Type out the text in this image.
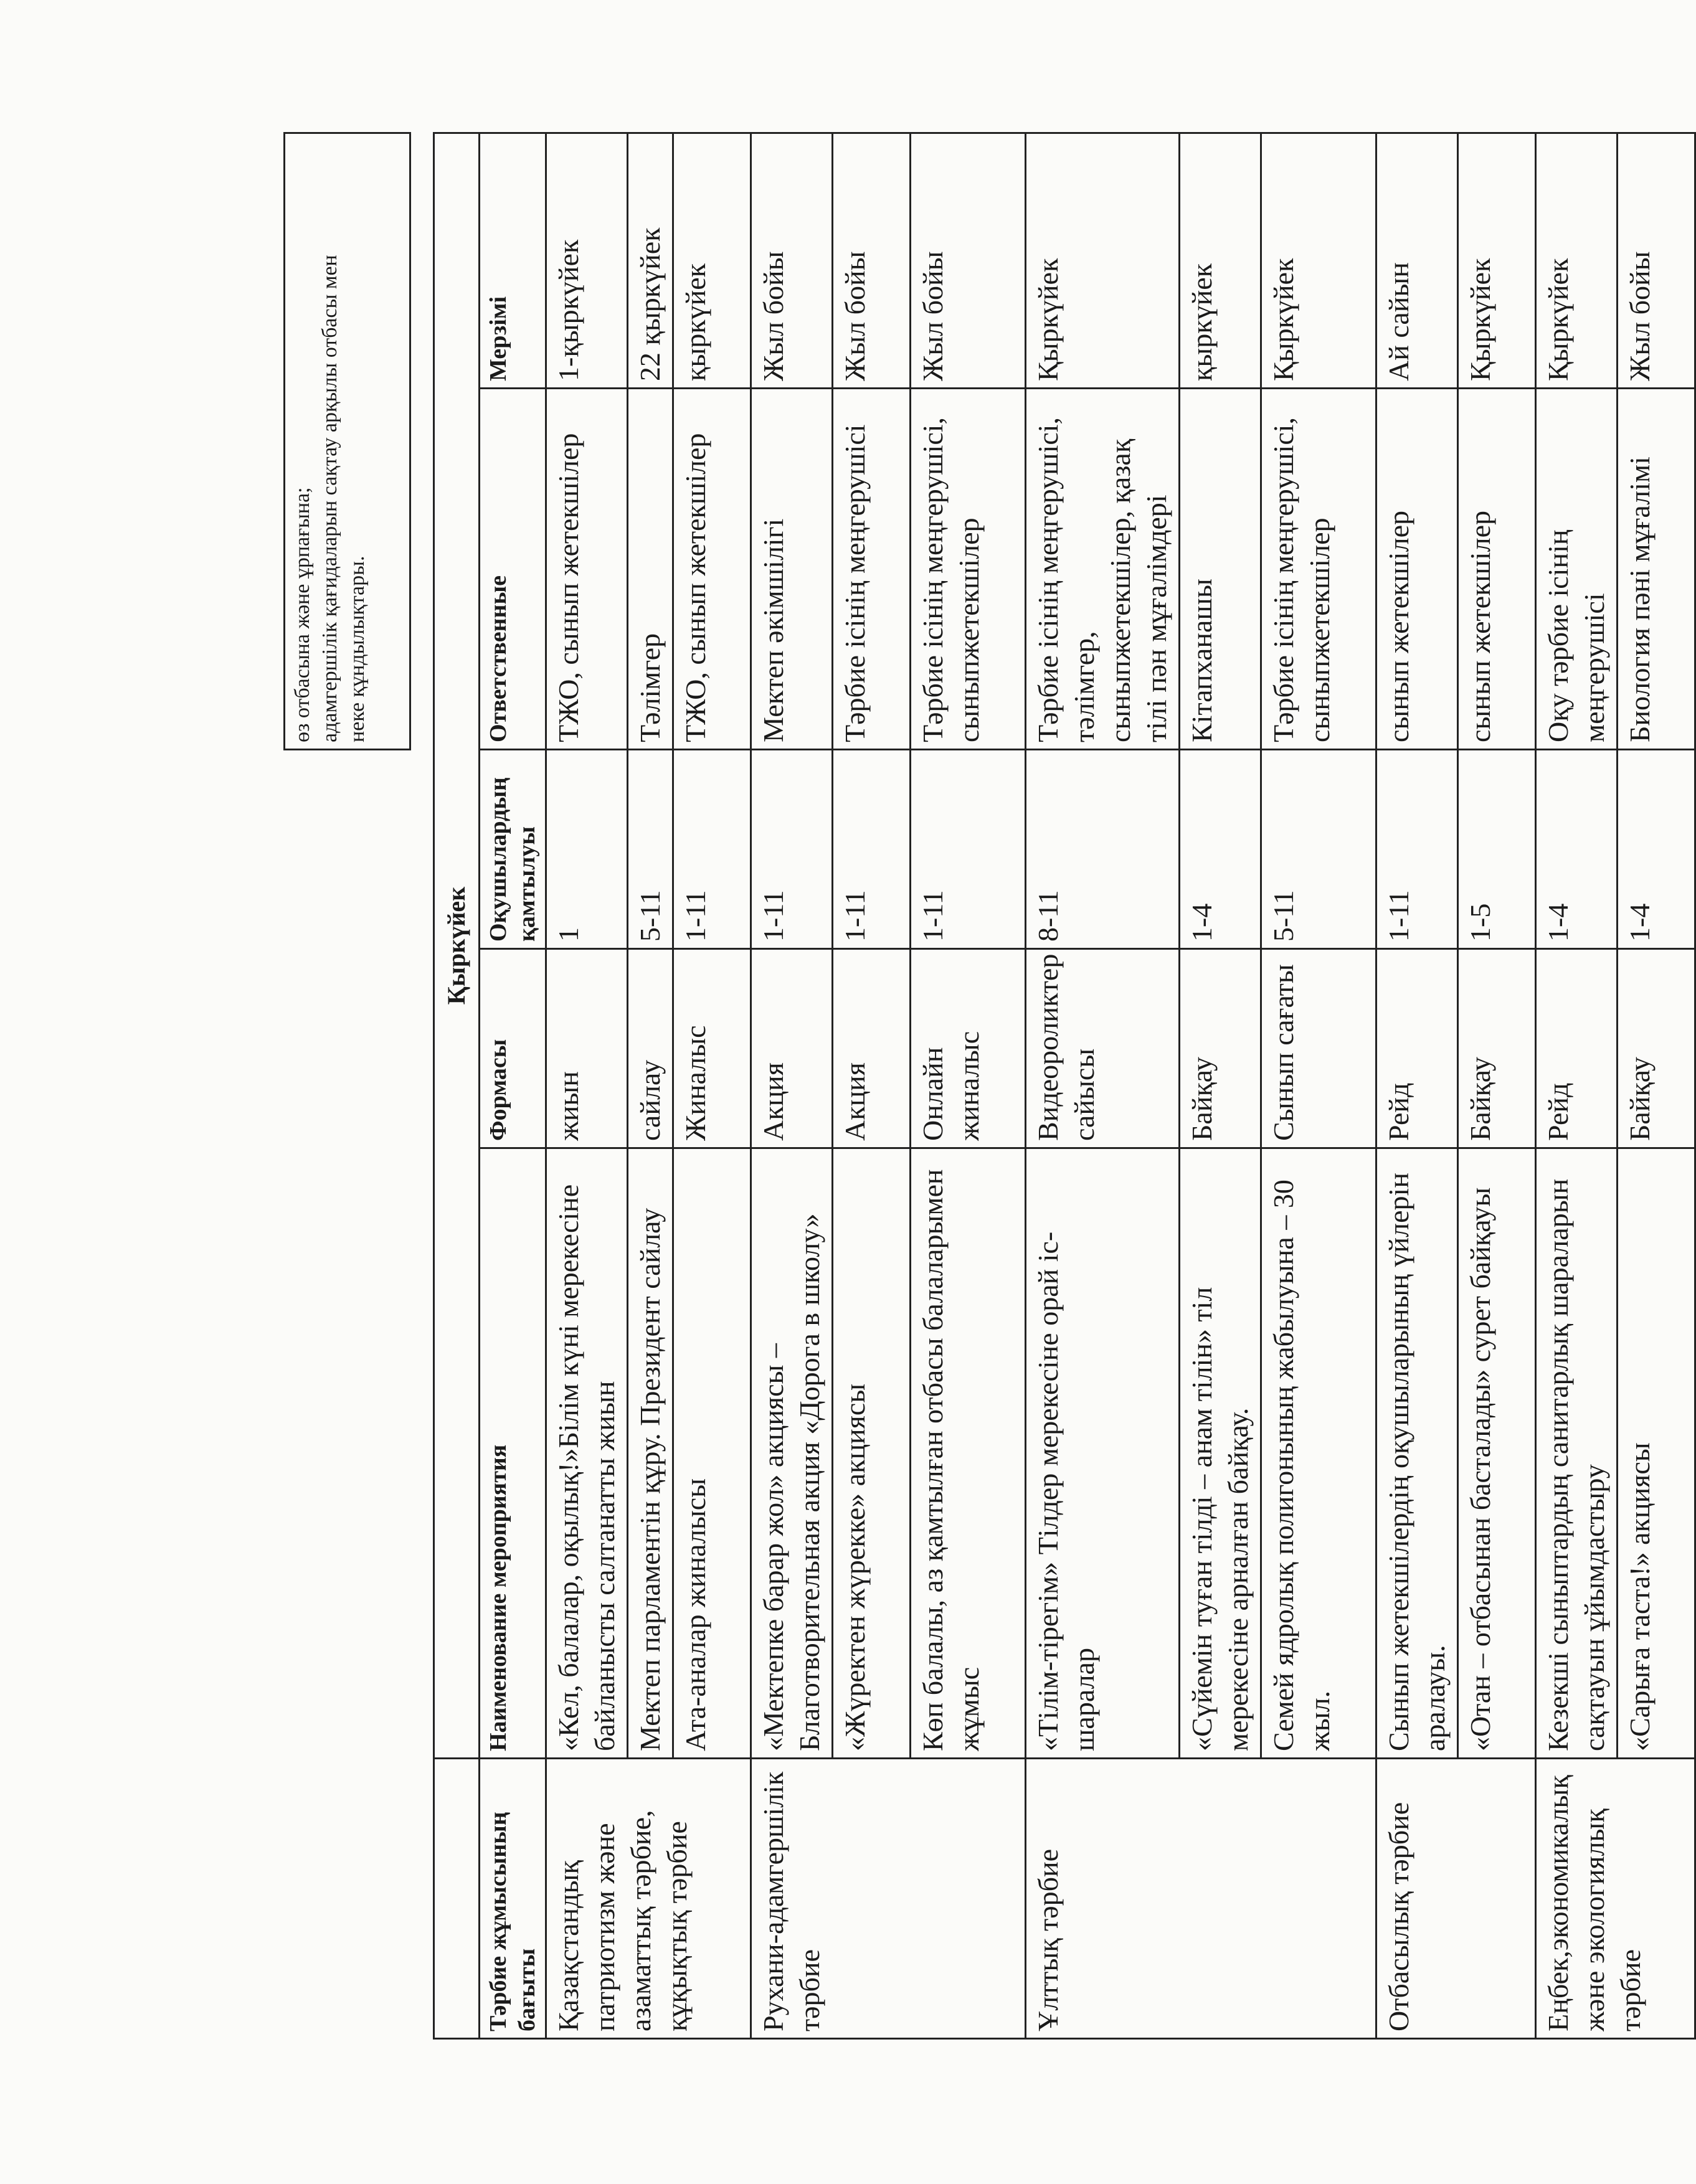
өз отбасына және ұрпағына; адамгершілік қағидаларын сақтау арқылы отбасы мен неке құндылықтары.
	Қыркүйек				
Тәрбие жұмысының бағыты	Наименование мероприятия	Формасы	Оқушылардың қамтылуы	Ответственные	Мерзімі
Қазақстандық патриотизм және азаматтық тәрбие, құқықтық тәрбие	«Кел, балалар, оқылық!»Білім күні мерекесіне байланысты салтанатты жиын	жиын	1	ТЖО, сынып жетекшілер	1-қыркүйек
	Мектеп парламентін құру. Президент сайлау	сайлау	5-11	Тәлімгер	22 қыркүйек
	Ата-аналар жиналысы	Жиналыс	1-11	ТЖО, сынып жетекшілер	қыркүйек
Рухани-адамгершілік тәрбие	«Мектепке барар жол» акциясы – Благотворительная акция «Дорога в школу»	Акция	1-11	Мектеп әкімшілігі	Жыл бойы
	«Жүректен жүрекке» акциясы	Акция	1-11	Тәрбие ісінің меңгерушісі	Жыл бойы
	Көп балалы, аз қамтылған отбасы балаларымен жұмыс	Онлайн жиналыс	1-11	Тәрбие ісінің меңгерушісі, сыныпжетекшілер	Жыл бойы
Ұлттық тәрбие	«Тілім-тірегім» Тілдер мерекесіне орай іс-шаралар	Видеороликтер сайысы	8-11	Тәрбие ісінің меңгерушісі, тәлімгер, сыныпжетекшілер, қазақ тілі пән мұғалімдері	Қыркүйек
	«Сүйемін туған тілді – анам тілін» тіл мерекесіне арналған байқау.	Байқау	1-4	Кітапханашы	қыркүйек
	Семей ядролық полигонының жабылуына – 30 жыл.	Сынып сағаты	5-11	Тәрбие ісінің меңгерушісі, сыныпжетекшілер	Қыркүйек
Отбасылық тәрбие	Сынып жетекшілердің оқушыларының үйлерін аралауы.	Рейд	1-11	сынып жетекшілер	Ай сайын
	«Отан – отбасынан басталады» сурет байқауы	Байқау	1-5	сынып жетекшілер	Қыркүйек
Еңбек,экономикалық және экологиялық тәрбие	Кезекші сыныптардың санитарлық шараларын сақтауын ұйымдастыру	Рейд	1-4	Оқу тәрбие ісінің меңгерушісі	Қыркүйек
	«Сарыға таста!» акциясы	Байқау	1-4	Биология пәні мұғалімі	Жыл бойы
